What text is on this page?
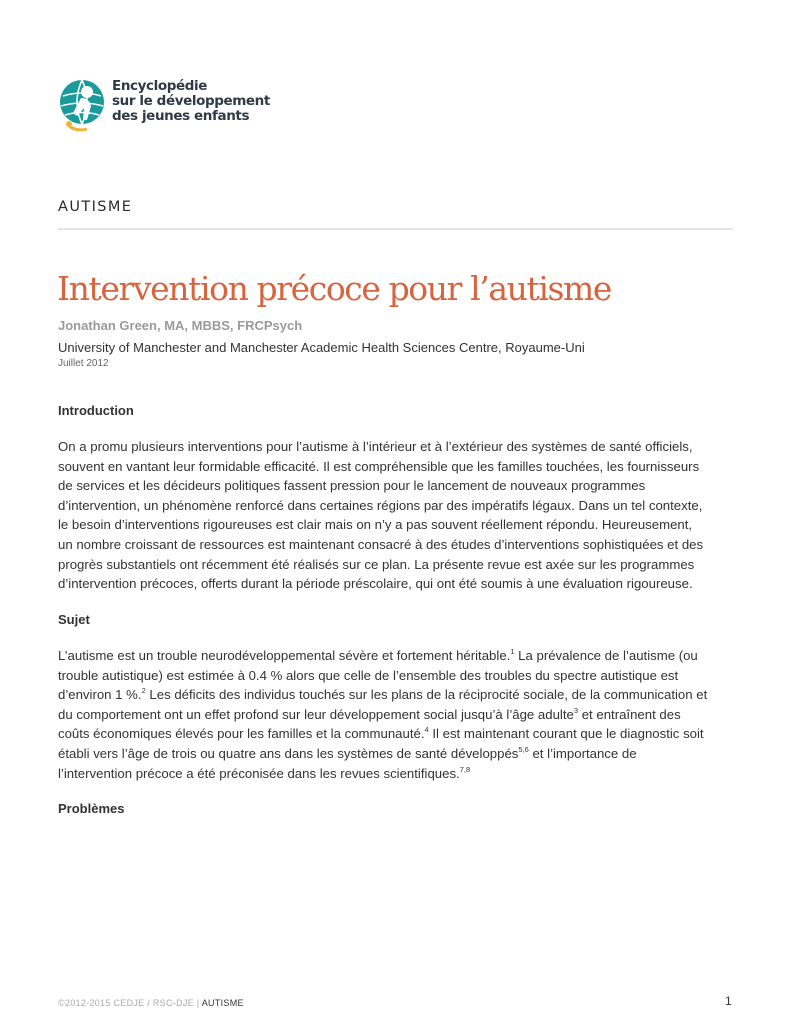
Encyclopédie
sur le développement
des jeunes enfants
AUTISME
Intervention précoce pour l’autisme
Jonathan Green, MA, MBBS, FRCPsych
University of Manchester and Manchester Academic Health Sciences Centre, Royaume-Uni
Juillet 2012
Introduction
On a promu plusieurs interventions pour l’autisme à l’intérieur et à l’extérieur des systèmes de santé officiels,
souvent en vantant leur formidable efficacité. Il est compréhensible que les familles touchées, les fournisseurs
de services et les décideurs politiques fassent pression pour le lancement de nouveaux programmes
d’intervention, un phénomène renforcé dans certaines régions par des impératifs légaux. Dans un tel contexte,
le besoin d’interventions rigoureuses est clair mais on n’y a pas souvent réellement répondu. Heureusement,
un nombre croissant de ressources est maintenant consacré à des études d’interventions sophistiquées et des
progrès substantiels ont récemment été réalisés sur ce plan. La présente revue est axée sur les programmes
d’intervention précoces, offerts durant la période préscolaire, qui ont été soumis à une évaluation rigoureuse.
Sujet
L’autisme est un trouble neurodéveloppemental sévère et fortement héritable.$^1$ La prévalence de l’autisme (ou
trouble autistique) est estimée à 0.4 % alors que celle de l’ensemble des troubles du spectre autistique est
d’environ 1 %.$^2$ Les déficits des individus touchés sur les plans de la réciprocité sociale, de la communication et
du comportement ont un effet profond sur leur développement social jusqu’à l’âge adulte$^3$ et entraînent des
coûts économiques élevés pour les familles et la communauté.$^4$ Il est maintenant courant que le diagnostic soit
établi vers l’âge de trois ou quatre ans dans les systèmes de santé développés$^{5,6}$ et l’importance de
l’intervention précoce a été préconisée dans les revues scientifiques.$^{7,8}$
Problèmes
©2012-2015 CEDJE / RSC-DJE | AUTISME	1
